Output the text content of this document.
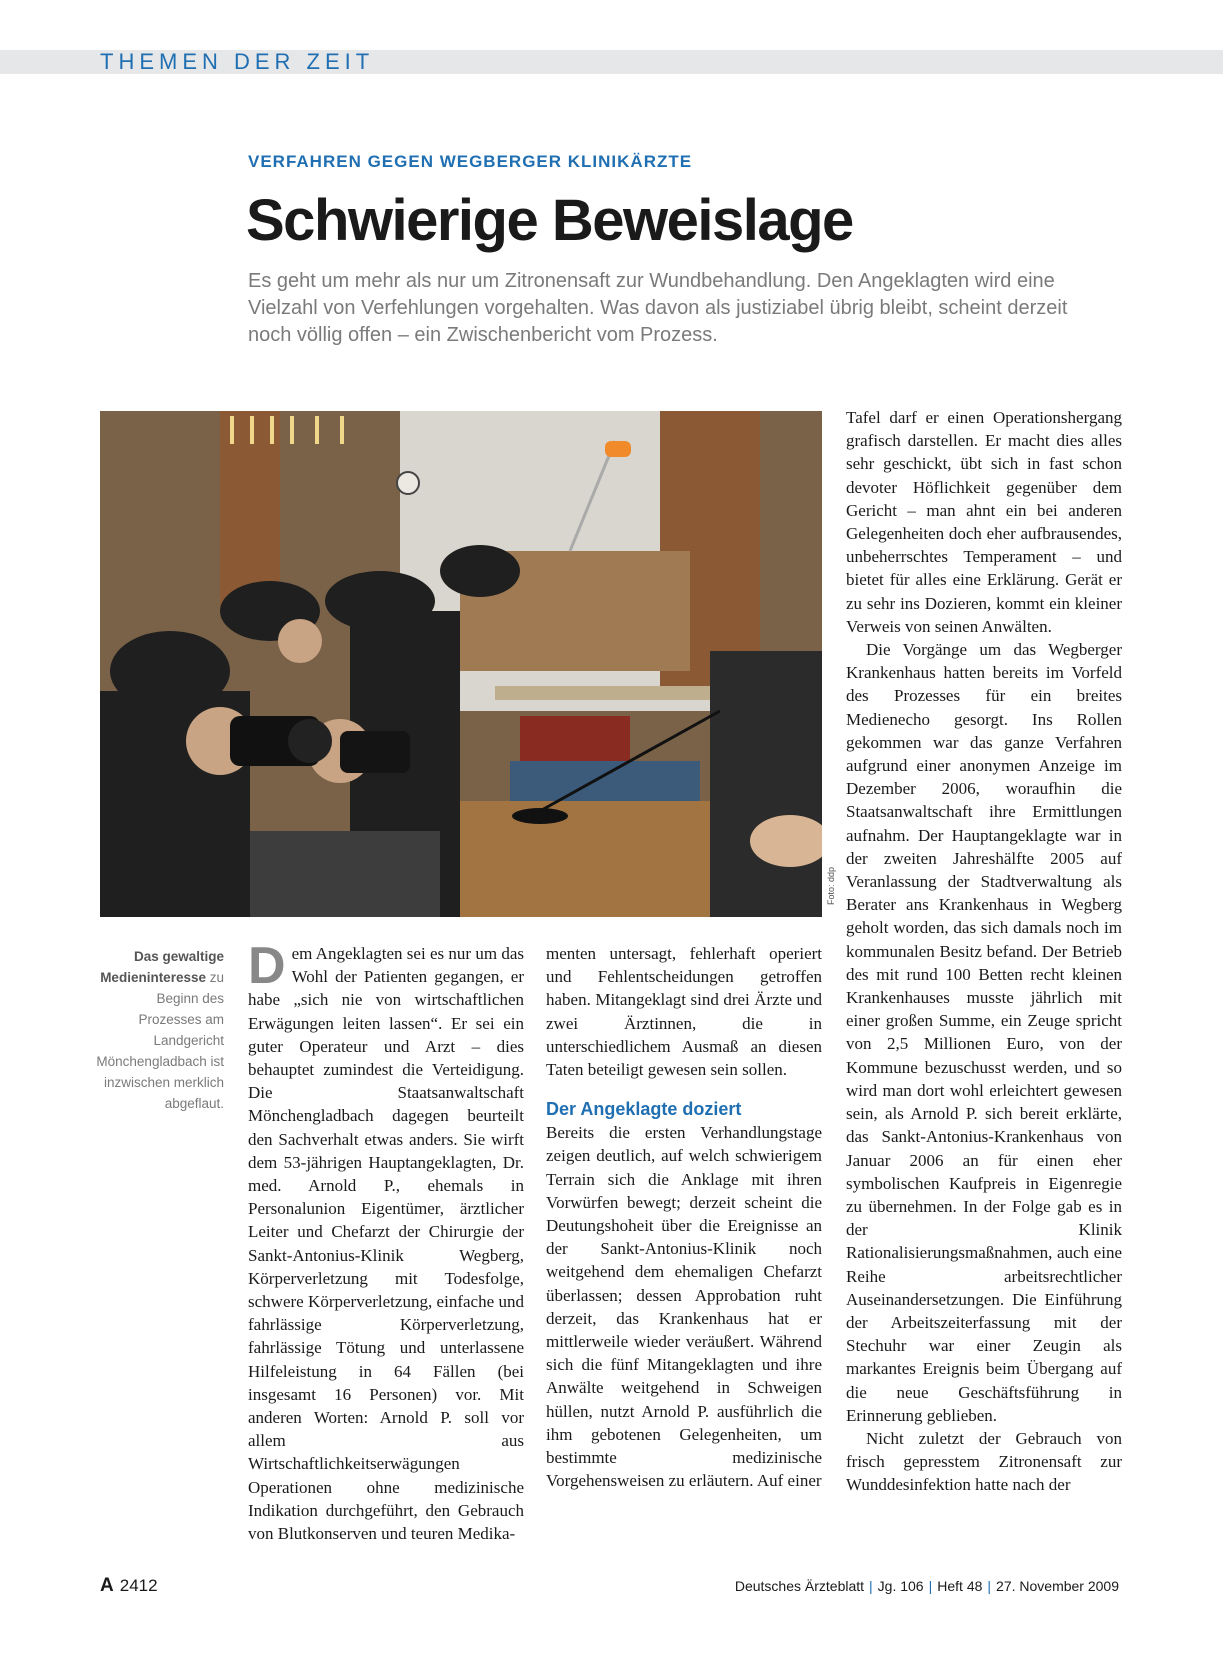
THEMEN DER ZEIT
VERFAHREN GEGEN WEGBERGER KLINIKÄRZTE
Schwierige Beweislage

Es geht um mehr als nur um Zitronensaft zur Wundbehandlung. Den Angeklagten wird eine Vielzahl von Verfehlungen vorgehalten. Was davon als justiziabel übrig bleibt, scheint derzeit noch völlig offen – ein Zwischenbericht vom Prozess.

Foto: ddp

Das gewaltige Medieninteresse zu Beginn des Prozesses am Landgericht Mönchengladbach ist inzwischen merklich abgeflaut.

Dem Angeklagten sei es nur um das Wohl der Patienten gegangen, er habe „sich nie von wirtschaftlichen Erwägungen leiten lassen“. Er sei ein guter Operateur und Arzt – dies behauptet zumindest die Verteidigung. Die Staatsanwaltschaft Mönchengladbach dagegen beurteilt den Sachverhalt etwas anders. Sie wirft dem 53-jährigen Hauptangeklagten, Dr. med. Arnold P., ehemals in Personalunion Eigentümer, ärztlicher Leiter und Chefarzt der Chirurgie der Sankt-Antonius-Klinik Wegberg, Körperverletzung mit Todesfolge, schwere Körperverletzung, einfache und fahrlässige Körperverletzung, fahrlässige Tötung und unterlassene Hilfeleistung in 64 Fällen (bei insgesamt 16 Personen) vor. Mit anderen Worten: Arnold P. soll vor allem aus Wirtschaftlichkeitserwägungen Operationen ohne medizinische Indikation durchgeführt, den Gebrauch von Blutkonserven und teuren Medika-

menten untersagt, fehlerhaft operiert und Fehlentscheidungen getroffen haben. Mitangeklagt sind drei Ärzte und zwei Ärztinnen, die in unterschiedlichem Ausmaß an diesen Taten beteiligt gewesen sein sollen.

Der Angeklagte doziert

Bereits die ersten Verhandlungstage zeigen deutlich, auf welch schwierigem Terrain sich die Anklage mit ihren Vorwürfen bewegt; derzeit scheint die Deutungshoheit über die Ereignisse an der Sankt-Antonius-Klinik noch weitgehend dem ehemaligen Chefarzt überlassen; dessen Approbation ruht derzeit, das Krankenhaus hat er mittlerweile wieder veräußert. Während sich die fünf Mitangeklagten und ihre Anwälte weitgehend in Schweigen hüllen, nutzt Arnold P. ausführlich die ihm gebotenen Gelegenheiten, um bestimmte medizinische Vorgehensweisen zu erläutern. Auf einer

Tafel darf er einen Operationshergang grafisch darstellen. Er macht dies alles sehr geschickt, übt sich in fast schon devoter Höflichkeit gegenüber dem Gericht – man ahnt ein bei anderen Gelegenheiten doch eher aufbrausendes, unbeherrschtes Temperament – und bietet für alles eine Erklärung. Gerät er zu sehr ins Dozieren, kommt ein kleiner Verweis von seinen Anwälten.

Die Vorgänge um das Wegberger Krankenhaus hatten bereits im Vorfeld des Prozesses für ein breites Medienecho gesorgt. Ins Rollen gekommen war das ganze Verfahren aufgrund einer anonymen Anzeige im Dezember 2006, woraufhin die Staatsanwaltschaft ihre Ermittlungen aufnahm. Der Hauptangeklagte war in der zweiten Jahreshälfte 2005 auf Veranlassung der Stadtverwaltung als Berater ans Krankenhaus in Wegberg geholt worden, das sich damals noch im kommunalen Besitz befand. Der Betrieb des mit rund 100 Betten recht kleinen Krankenhauses musste jährlich mit einer großen Summe, ein Zeuge spricht von 2,5 Millionen Euro, von der Kommune bezuschusst werden, und so wird man dort wohl erleichtert gewesen sein, als Arnold P. sich bereit erklärte, das Sankt-Antonius-Krankenhaus von Januar 2006 an für einen eher symbolischen Kaufpreis in Eigenregie zu übernehmen. In der Folge gab es in der Klinik Rationalisierungsmaßnahmen, auch eine Reihe arbeitsrechtlicher Auseinandersetzungen. Die Einführung der Arbeitszeiterfassung mit der Stechuhr war einer Zeugin als markantes Ereignis beim Übergang auf die neue Geschäftsführung in Erinnerung geblieben.

Nicht zuletzt der Gebrauch von frisch gepresstem Zitronensaft zur Wunddesinfektion hatte nach der

A 2412	Deutsches Ärzteblatt | Jg. 106 | Heft 48 | 27. November 2009
